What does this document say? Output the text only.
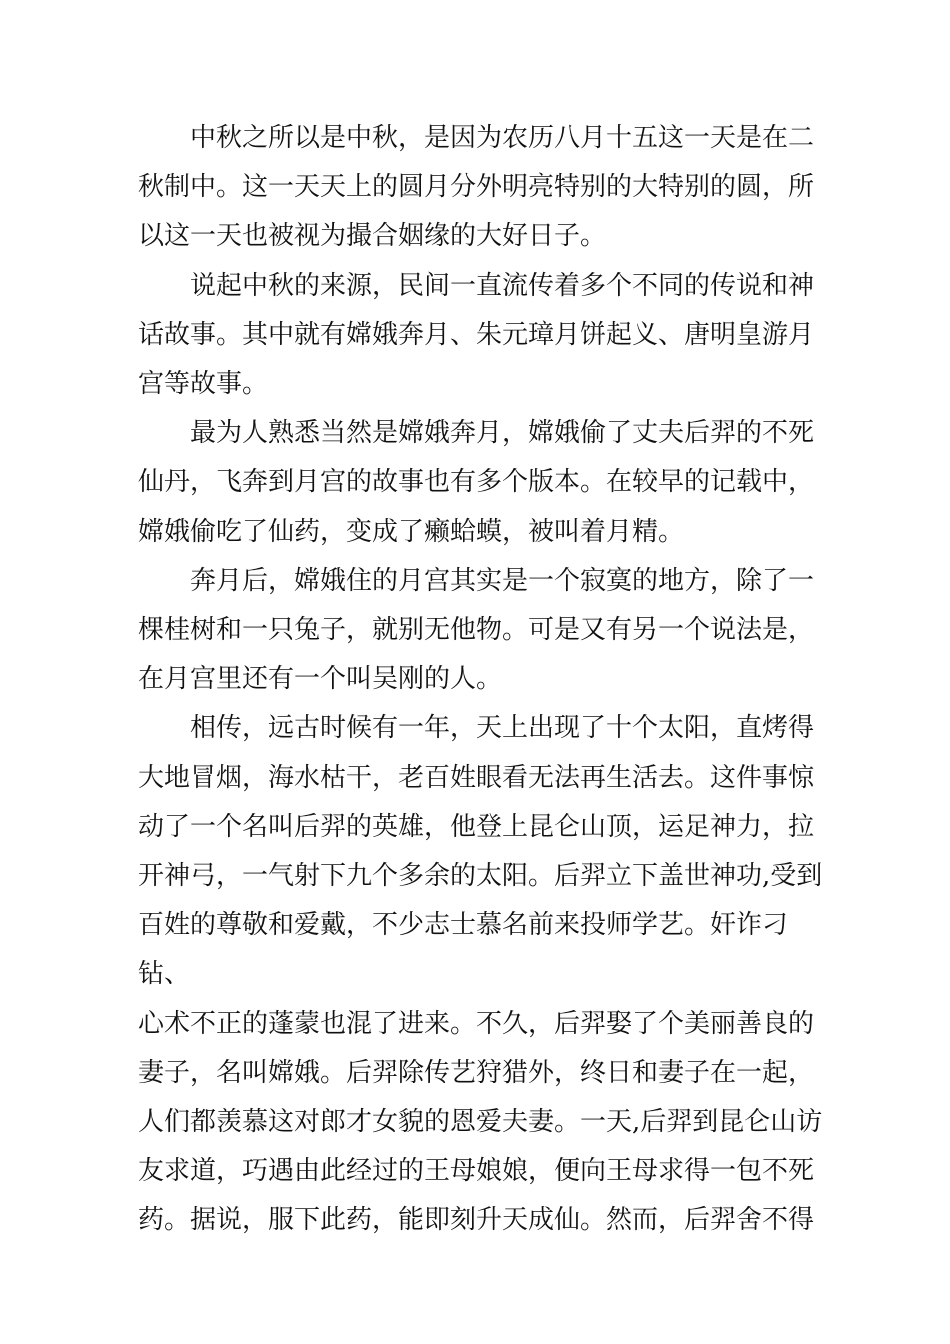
中秋之所以是中秋，是因为农历八月十五这一天是在二
秋制中。这一天天上的圆月分外明亮特别的大特别的圆，所
以这一天也被视为撮合姻缘的大好日子。

说起中秋的来源，民间一直流传着多个不同的传说和神
话故事。其中就有嫦娥奔月、朱元璋月饼起义、唐明皇游月
宫等故事。

最为人熟悉当然是嫦娥奔月，嫦娥偷了丈夫后羿的不死
仙丹，飞奔到月宫的故事也有多个版本。在较早的记载中，
嫦娥偷吃了仙药，变成了癞蛤蟆，被叫着月精。

奔月后，嫦娥住的月宫其实是一个寂寞的地方，除了一
棵桂树和一只兔子，就别无他物。可是又有另一个说法是，
在月宫里还有一个叫吴刚的人。

相传，远古时候有一年，天上出现了十个太阳，直烤得
大地冒烟，海水枯干，老百姓眼看无法再生活去。这件事惊
动了一个名叫后羿的英雄，他登上昆仑山顶，运足神力，拉
开神弓，一气射下九个多余的太阳。后羿立下盖世神功,受到
百姓的尊敬和爱戴，不少志士慕名前来投师学艺。奸诈刁钻、
心术不正的蓬蒙也混了进来。不久，后羿娶了个美丽善良的
妻子，名叫嫦娥。后羿除传艺狩猎外，终日和妻子在一起，
人们都羡慕这对郎才女貌的恩爱夫妻。一天,后羿到昆仑山访
友求道，巧遇由此经过的王母娘娘，便向王母求得一包不死
药。据说，服下此药，能即刻升天成仙。然而，后羿舍不得
